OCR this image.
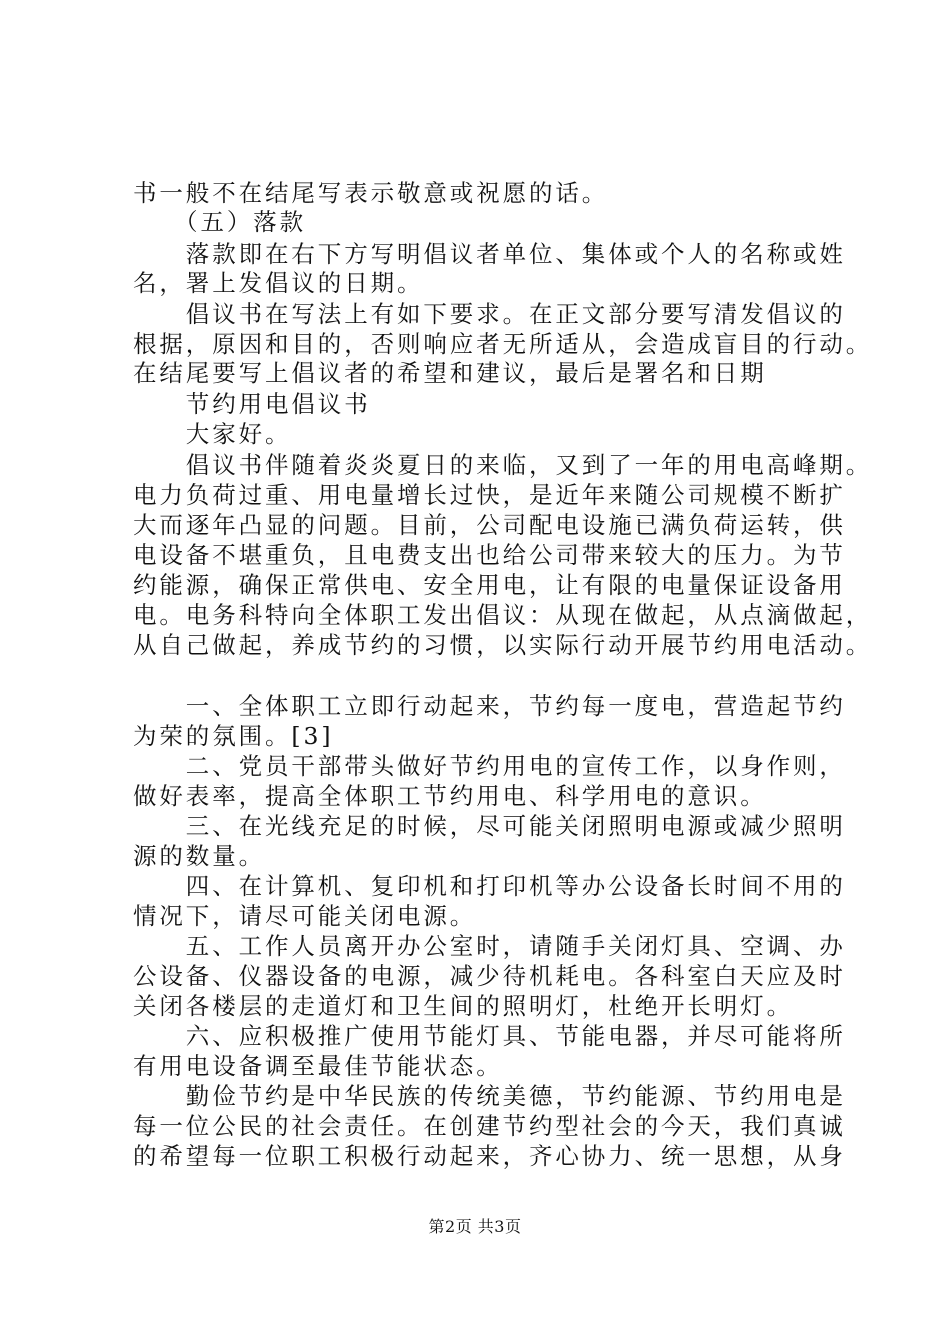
书一般不在结尾写表示敬意或祝愿的话。
　　（五）落款
　　落款即在右下方写明倡议者单位、集体或个人的名称或姓
名，署上发倡议的日期。
　　倡议书在写法上有如下要求。在正文部分要写清发倡议的
根据，原因和目的，否则响应者无所适从，会造成盲目的行动。
在结尾要写上倡议者的希望和建议，最后是署名和日期
　　节约用电倡议书
　　大家好。
　　倡议书伴随着炎炎夏日的来临，又到了一年的用电高峰期。
电力负荷过重、用电量增长过快，是近年来随公司规模不断扩
大而逐年凸显的问题。目前，公司配电设施已满负荷运转，供
电设备不堪重负，且电费支出也给公司带来较大的压力。为节
约能源，确保正常供电、安全用电，让有限的电量保证设备用
电。电务科特向全体职工发出倡议：从现在做起，从点滴做起，
从自己做起，养成节约的习惯，以实际行动开展节约用电活动。
　　一、全体职工立即行动起来，节约每一度电，营造起节约
为荣的氛围。[3]
　　二、党员干部带头做好节约用电的宣传工作，以身作则，
做好表率，提高全体职工节约用电、科学用电的意识。
　　三、在光线充足的时候，尽可能关闭照明电源或减少照明
源的数量。
　　四、在计算机、复印机和打印机等办公设备长时间不用的
情况下，请尽可能关闭电源。
　　五、工作人员离开办公室时，请随手关闭灯具、空调、办
公设备、仪器设备的电源，减少待机耗电。各科室白天应及时
关闭各楼层的走道灯和卫生间的照明灯，杜绝开长明灯。
　　六、应积极推广使用节能灯具、节能电器，并尽可能将所
有用电设备调至最佳节能状态。
　　勤俭节约是中华民族的传统美德，节约能源、节约用电是
每一位公民的社会责任。在创建节约型社会的今天，我们真诚
的希望每一位职工积极行动起来，齐心协力、统一思想，从身
第2页 共3页
